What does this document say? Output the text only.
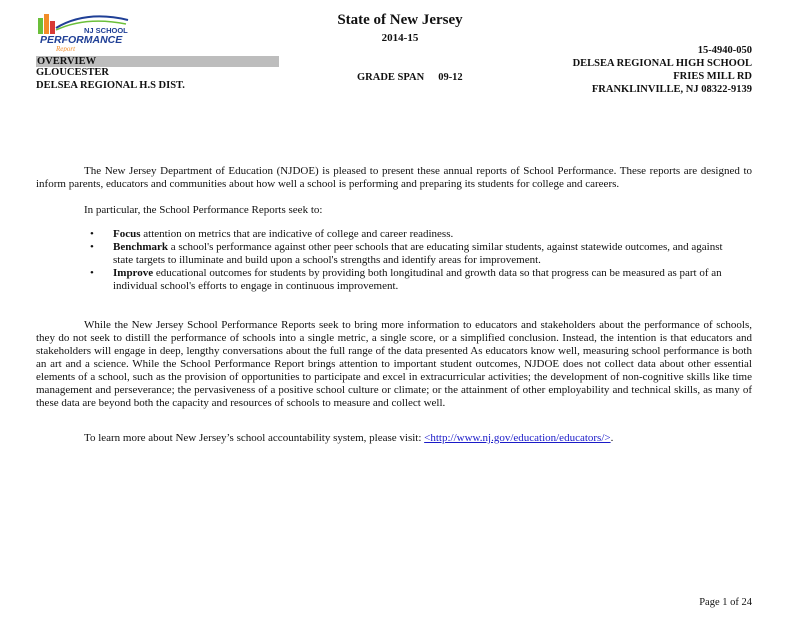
NJ SCHOOL
PERFORMANCE
Report
State of New Jersey
2014-15
OVERVIEW
GLOUCESTER
DELSEA REGIONAL H.S DIST.
GRADE SPAN 09-12
15-4940-050
DELSEA REGIONAL HIGH SCHOOL
FRIES MILL RD
FRANKLINVILLE, NJ 08322-9139

The New Jersey Department of Education (NJDOE) is pleased to present these annual reports of School Performance. These reports are designed to inform parents, educators and communities about how well a school is performing and preparing its students for college and careers.

In particular, the School Performance Reports seek to:

• Focus attention on metrics that are indicative of college and career readiness.
• Benchmark a school's performance against other peer schools that are educating similar students, against statewide outcomes, and against state targets to illuminate and build upon a school's strengths and identify areas for improvement.
• Improve educational outcomes for students by providing both longitudinal and growth data so that progress can be measured as part of an individual school's efforts to engage in continuous improvement.

While the New Jersey School Performance Reports seek to bring more information to educators and stakeholders about the performance of schools, they do not seek to distill the performance of schools into a single metric, a single score, or a simplified conclusion. Instead, the intention is that educators and stakeholders will engage in deep, lengthy conversations about the full range of the data presented As educators know well, measuring school performance is both an art and a science. While the School Performance Report brings attention to important student outcomes, NJDOE does not collect data about other essential elements of a school, such as the provision of opportunities to participate and excel in extracurricular activities; the development of non-cognitive skills like time management and perseverance; the pervasiveness of a positive school culture or climate; or the attainment of other employability and technical skills, as many of these data are beyond both the capacity and resources of schools to measure and collect well.

To learn more about New Jersey’s school accountability system, please visit: <http://www.nj.gov/education/educators/>.

Page 1 of 24
